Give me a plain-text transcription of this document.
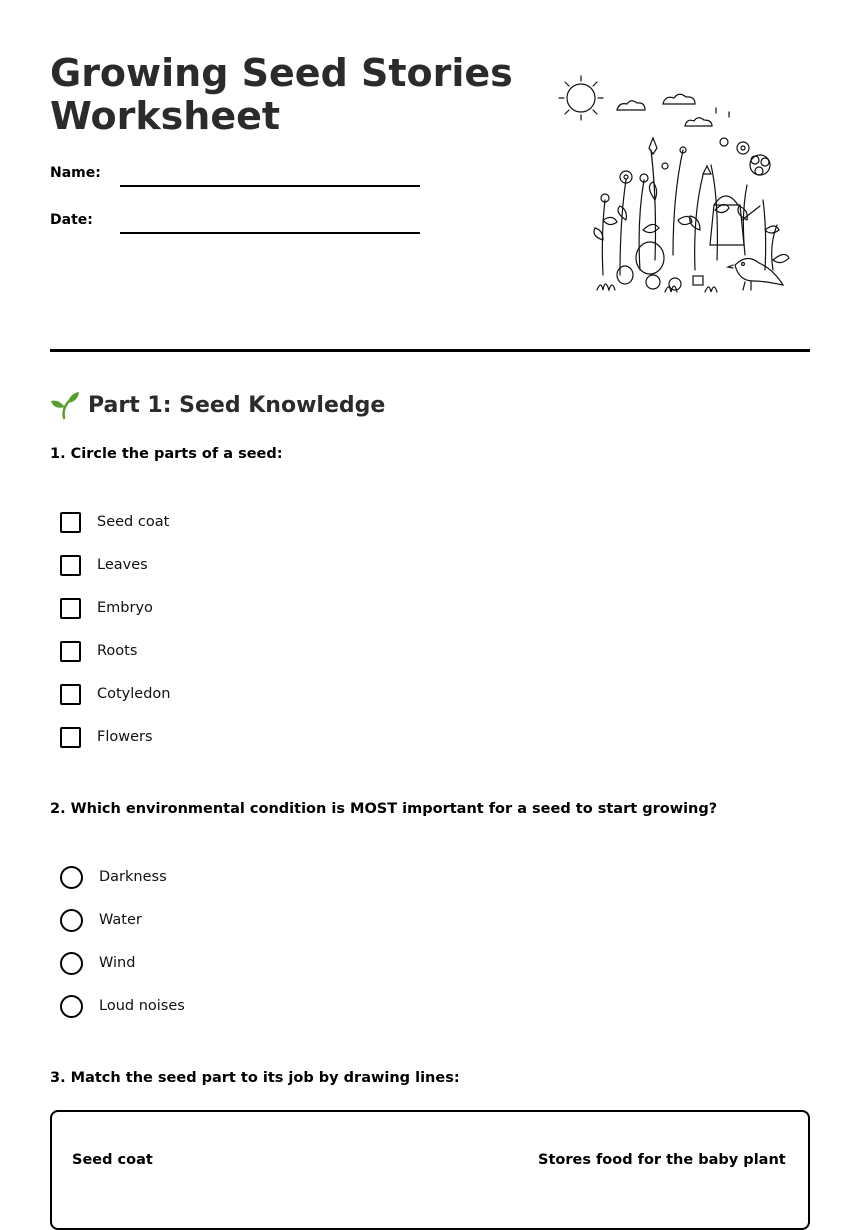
Growing Seed Stories Worksheet
Name:
Date:
Part 1: Seed Knowledge
1. Circle the parts of a seed:
Seed coat
Leaves
Embryo
Roots
Cotyledon
Flowers
2. Which environmental condition is MOST important for a seed to start growing?
Darkness
Water
Wind
Loud noises
3. Match the seed part to its job by drawing lines:
Seed coat	Stores food for the baby plant
